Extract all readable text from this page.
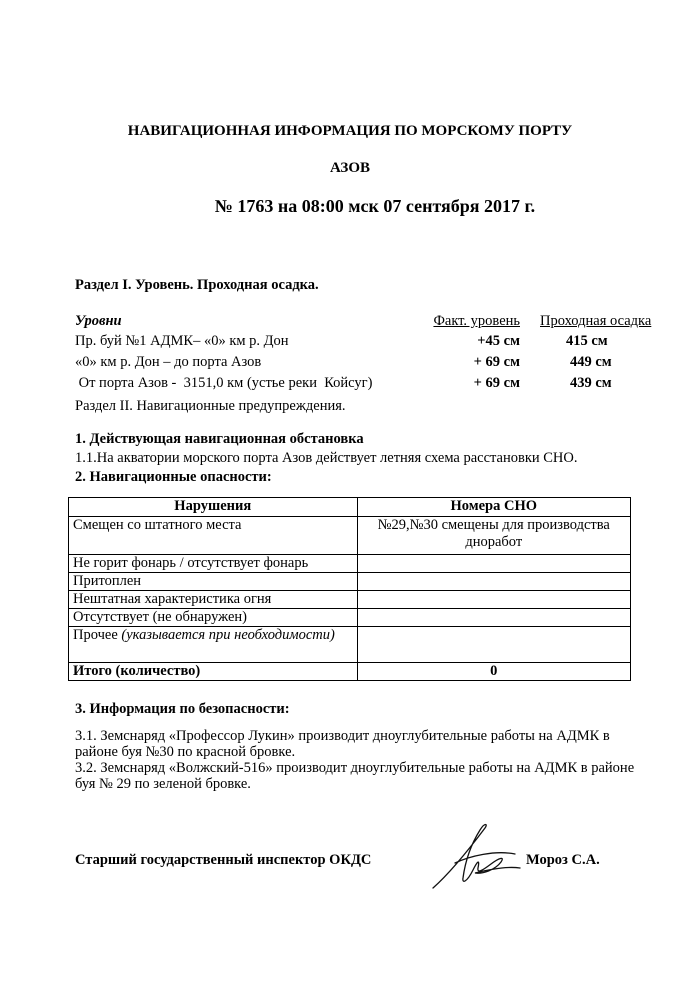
НАВИГАЦИОННАЯ ИНФОРМАЦИЯ ПО МОРСКОМУ ПОРТУ
АЗОВ
№ 1763 на 08:00 мск 07 сентября 2017 г.
Раздел I. Уровень. Проходная осадка.
Уровни	Факт. уровень Проходная осадка
Пр. буй №1 АДМК– «0» км р. Дон	+45 см	415 см
«0» км р. Дон – до порта Азов	+ 69 см	449 см
От порта Азов -  3151,0 км (устье реки  Койсуг)	+ 69 см	439 см
Раздел II. Навигационные предупреждения.
1. Действующая навигационная обстановка
1.1.На акватории морского порта Азов действует летняя схема расстановки СНО.
2. Навигационные опасности:
Нарушения	Номера СНО
Смещен со штатного места	№29,№30 смещены для производства дноработ
Не горит фонарь / отсутствует фонарь	
Притоплен	
Нештатная характеристика огня	
Отсутствует (не обнаружен)	
Прочее (указывается при необходимости)	
Итого (количество)	0
3. Информация по безопасности:
3.1. Земснаряд «Профессор Лукин» производит дноуглубительные работы на АДМК в районе буя №30 по красной бровке.
3.2. Земснаряд «Волжский-516» производит дноуглубительные работы на АДМК в районе буя № 29 по зеленой бровке.
Старший государственный инспектор ОКДС	Мороз С.А.
